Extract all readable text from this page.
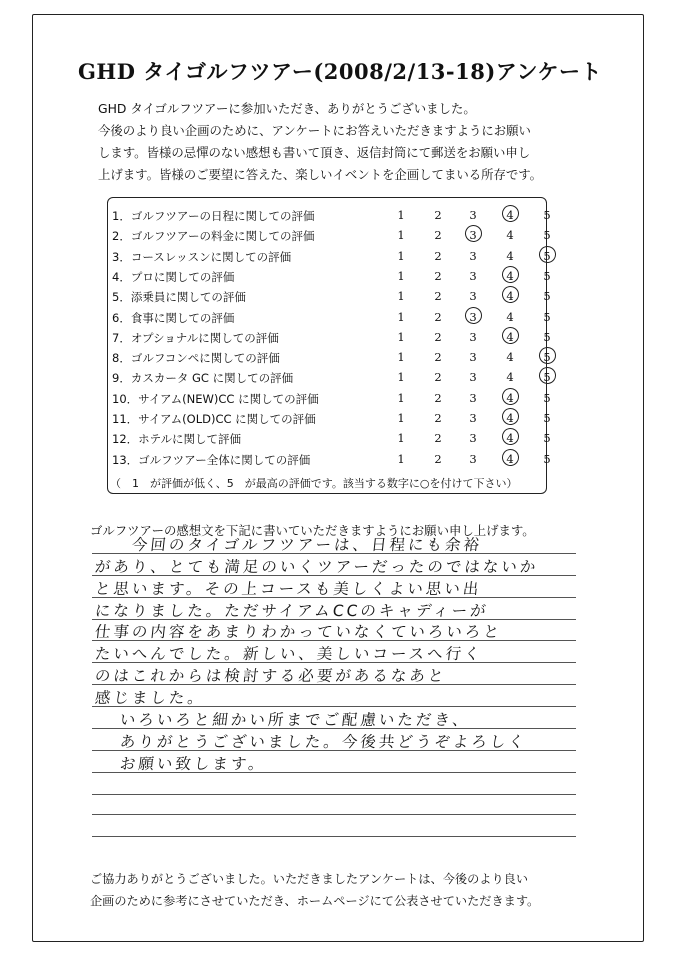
GHD タイゴルフツアー(2008/2/13-18)アンケート
GHD タイゴルフツアーに参加いただき、ありがとうございました。
今後のより良い企画のために、アンケートにお答えいただきますようにお願い
します。皆様の忌憚のない感想も書いて頂き、返信封筒にて郵送をお願い申し
上げます。皆様のご要望に答えた、楽しいイベントを企画してまいる所存です。
1．ゴルフツアーの日程に関しての評価	1	2	3	4	5
2．ゴルフツアーの料金に関しての評価	1	2	3	4	5
3．コースレッスンに関しての評価	1	2	3	4	5
4．プロに関しての評価	1	2	3	4	5
5．添乗員に関しての評価	1	2	3	4	5
6．食事に関しての評価	1	2	3	4	5
7．オプショナルに関しての評価	1	2	3	4	5
8．ゴルフコンペに関しての評価	1	2	3	4	5
9．カスカータ GC に関しての評価	1	2	3	4	5
10．サイアム(NEW)CC に関しての評価	1	2	3	4	5
11．サイアム(OLD)CC に関しての評価	1	2	3	4	5
12．ホテルに関して評価	1	2	3	4	5
13．ゴルフツアー全体に関しての評価	1	2	3	4	5
（　1　が評価が低く、5　が最高の評価です。該当する数字に○を付けて下さい）
ゴルフツアーの感想文を下記に書いていただきますようにお願い申し上げます。
今回のタイゴルフツアーは、日程にも余裕
があり、とても満足のいくツアーだったのではないか
と思います。その上コースも美しくよい思い出
になりました。ただサイアムCCのキャディーが
仕事の内容をあまりわかっていなくていろいろと
たいへんでした。新しい、美しいコースへ行く
のはこれからは検討する必要があるなあと
感じました。
いろいろと細かい所までご配慮いただき、
ありがとうございました。今後共どうぞよろしく
お願い致します。
ご協力ありがとうございました。いただきましたアンケートは、今後のより良い
企画のために参考にさせていただき、ホームページにて公表させていただきます。
